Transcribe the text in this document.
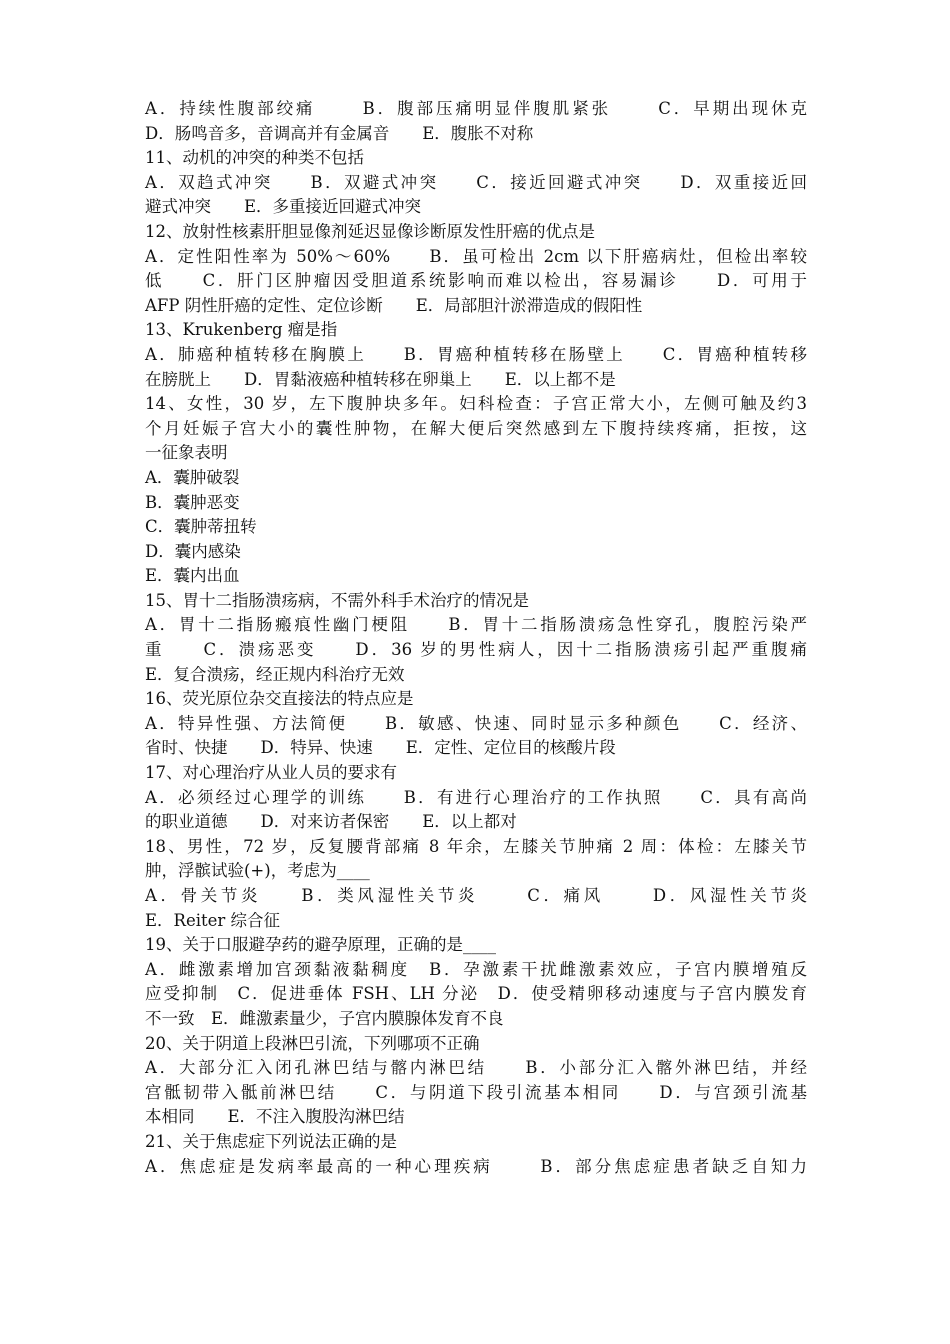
A．持续性腹部绞痛　　 B．腹部压痛明显伴腹肌紧张　　 C．早期出现休克
D．肠鸣音多，音调高并有金属音　　E．腹胀不对称
11、动机的冲突的种类不包括
A．双趋式冲突　　B．双避式冲突　　C．接近回避式冲突　　D．双重接近回
避式冲突　　E．多重接近回避式冲突
12、放射性核素肝胆显像剂延迟显像诊断原发性肝癌的优点是
A．定性阳性率为 50%～60%　　B．虽可检出 2cm 以下肝癌病灶，但检出率较
低　　C．肝门区肿瘤因受胆道系统影响而难以检出，容易漏诊　　D．可用于
AFP 阴性肝癌的定性、定位诊断　　E．局部胆汁淤滞造成的假阳性
13、Krukenberg 瘤是指
A．肺癌种植转移在胸膜上　　B．胃癌种植转移在肠壁上　　C．胃癌种植转移
在膀胱上　　D．胃黏液癌种植转移在卵巢上　　E．以上都不是
14、女性，30 岁，左下腹肿块多年。妇科检查：子宫正常大小，左侧可触及约3
个月妊娠子宫大小的囊性肿物，在解大便后突然感到左下腹持续疼痛，拒按，这
一征象表明
A．囊肿破裂
B．囊肿恶变
C．囊肿蒂扭转
D．囊内感染
E．囊内出血
15、胃十二指肠溃疡病，不需外科手术治疗的情况是
A．胃十二指肠瘢痕性幽门梗阻　　B．胃十二指肠溃疡急性穿孔，腹腔污染严
重　　C．溃疡恶变　　D．36 岁的男性病人，因十二指肠溃疡引起严重腹痛
E．复合溃疡，经正规内科治疗无效
16、荧光原位杂交直接法的特点应是
A．特异性强、方法简便　　B．敏感、快速、同时显示多种颜色　　C．经济、
省时、快捷　　D．特异、快速　　E．定性、定位目的核酸片段
17、对心理治疗从业人员的要求有
A．必须经过心理学的训练　　B．有进行心理治疗的工作执照　　C．具有高尚
的职业道德　　D．对来访者保密　　E．以上都对
18、男性，72 岁，反复腰背部痛 8 年余，左膝关节肿痛 2 周：体检：左膝关节
肿，浮髌试验(+)，考虑为____
A．骨关节炎　　B．类风湿性关节炎　　 C．痛风　　 D．风湿性关节炎
E．Reiter 综合征
19、关于口服避孕药的避孕原理，正确的是____
A．雌激素增加宫颈黏液黏稠度　B．孕激素干扰雌激素效应，子宫内膜增殖反
应受抑制　C．促进垂体 FSH、LH 分泌　D．使受精卵移动速度与子宫内膜发育
不一致　E．雌激素量少，子宫内膜腺体发育不良
20、关于阴道上段淋巴引流，下列哪项不正确
A．大部分汇入闭孔淋巴结与髂内淋巴结　　B．小部分汇入髂外淋巴结，并经
宫骶韧带入骶前淋巴结　　C．与阴道下段引流基本相同　　D．与宫颈引流基
本相同　　E．不注入腹股沟淋巴结
21、关于焦虑症下列说法正确的是
A．焦虑症是发病率最高的一种心理疾病　　 B．部分焦虑症患者缺乏自知力
